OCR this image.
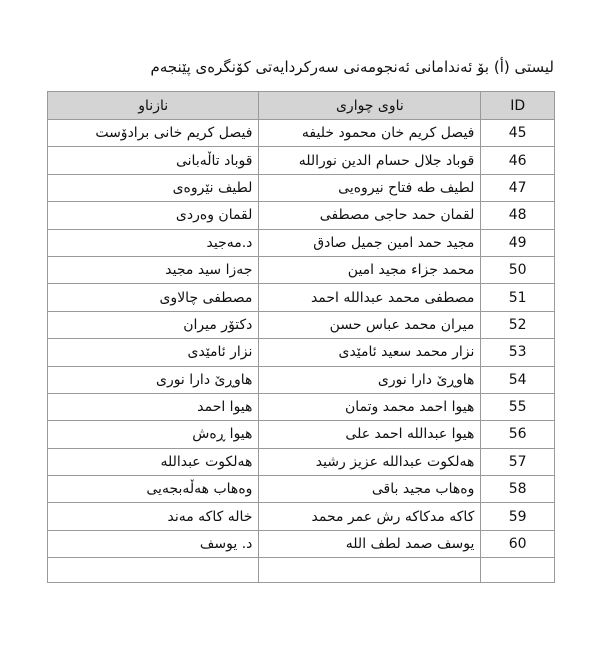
لیستی (أ) بۆ ئەندامانی ئەنجومەنی سەرکردایەتی کۆنگرەی پێنجەم
نازناو	ناوی چواری	ID
فیصل کریم خانی برادۆست	فیصل کریم خان محمود خلیفه	45
قوباد تاڵەبانی	قوباد جلال حسام الدین نورالله	46
لطیف نێروەی	لطیف طه فتاح نیروەیی	47
لقمان وەردی	لقمان حمد حاجی مصطفی	48
د.مەجید	مجید حمد امین جمیل صادق	49
جەزا سید مجید	محمد جزاء مجید امین	50
مصطفی چالاوی	مصطفی محمد عبدالله احمد	51
دکتۆر میران	میران محمد عباس حسن	52
نزار ئامێدی	نزار محمد سعید ئامێدی	53
هاوڕێ دارا نوری	هاوڕێ دارا نوری	54
هیوا احمد	هیوا احمد محمد وتمان	55
هیوا ڕەش	هیوا عبدالله احمد علی	56
هەلکوت عبدالله	هەلکوت عبدالله عزیز رشید	57
وەهاب هەڵەبجەیی	وەهاب مجید باقی	58
خاله کاکه مەند	کاکه مدکاکه رش عمر محمد	59
د. یوسف	یوسف صمد لطف الله	60
